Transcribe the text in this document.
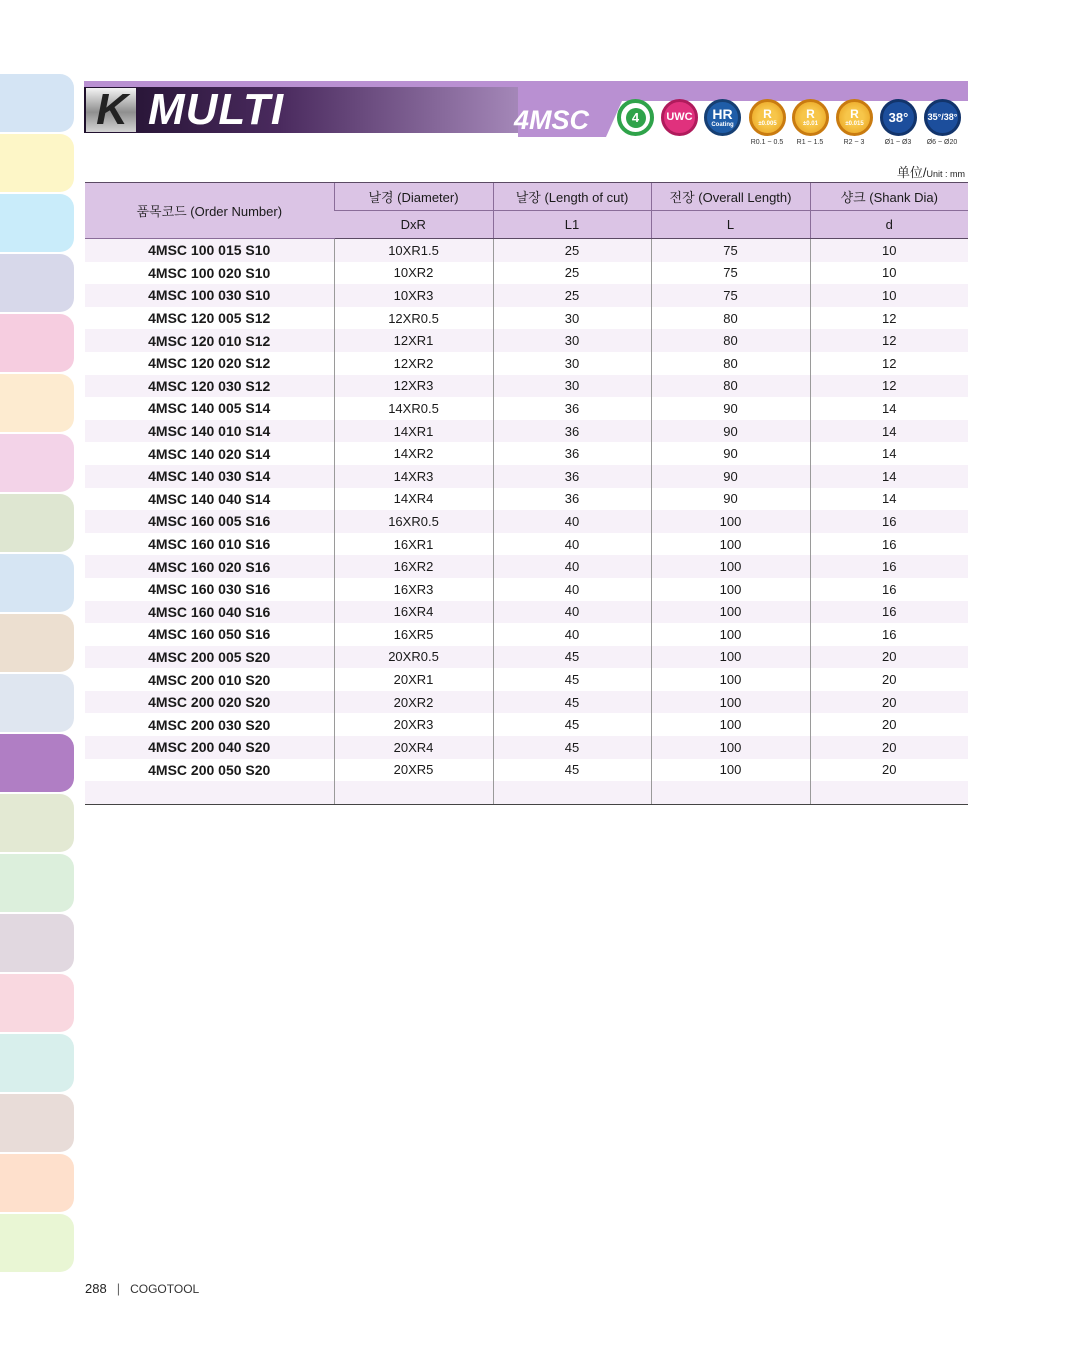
K MULTI	4MSC	4	UWC HR
Coating
R
±0.005
R0.1 ~ 0.5
R
±0.01
R1 ~ 1.5
R
±0.015
R2 ~ 3
38°
Ø1 ~ Ø3
35°/38°
Ø6 ~ Ø20
单位/Unit : mm
품목코드 (Order Number)	날경 (Diameter)	날장 (Length of cut)	전장 (Overall Length)	샹크 (Shank Dia)
	DxR	L1	L	d
4MSC 100 015 S10	10XR1.5	25	75	10
4MSC 100 020 S10	10XR2	25	75	10
4MSC 100 030 S10	10XR3	25	75	10
4MSC 120 005 S12	12XR0.5	30	80	12
4MSC 120 010 S12	12XR1	30	80	12
4MSC 120 020 S12	12XR2	30	80	12
4MSC 120 030 S12	12XR3	30	80	12
4MSC 140 005 S14	14XR0.5	36	90	14
4MSC 140 010 S14	14XR1	36	90	14
4MSC 140 020 S14	14XR2	36	90	14
4MSC 140 030 S14	14XR3	36	90	14
4MSC 140 040 S14	14XR4	36	90	14
4MSC 160 005 S16	16XR0.5	40	100	16
4MSC 160 010 S16	16XR1	40	100	16
4MSC 160 020 S16	16XR2	40	100	16
4MSC 160 030 S16	16XR3	40	100	16
4MSC 160 040 S16	16XR4	40	100	16
4MSC 160 050 S16	16XR5	40	100	16
4MSC 200 005 S20	20XR0.5	45	100	20
4MSC 200 010 S20	20XR1	45	100	20
4MSC 200 020 S20	20XR2	45	100	20
4MSC 200 030 S20	20XR3	45	100	20
4MSC 200 040 S20	20XR4	45	100	20
4MSC 200 050 S20	20XR5	45	100	20

288 | COGOTOOL
